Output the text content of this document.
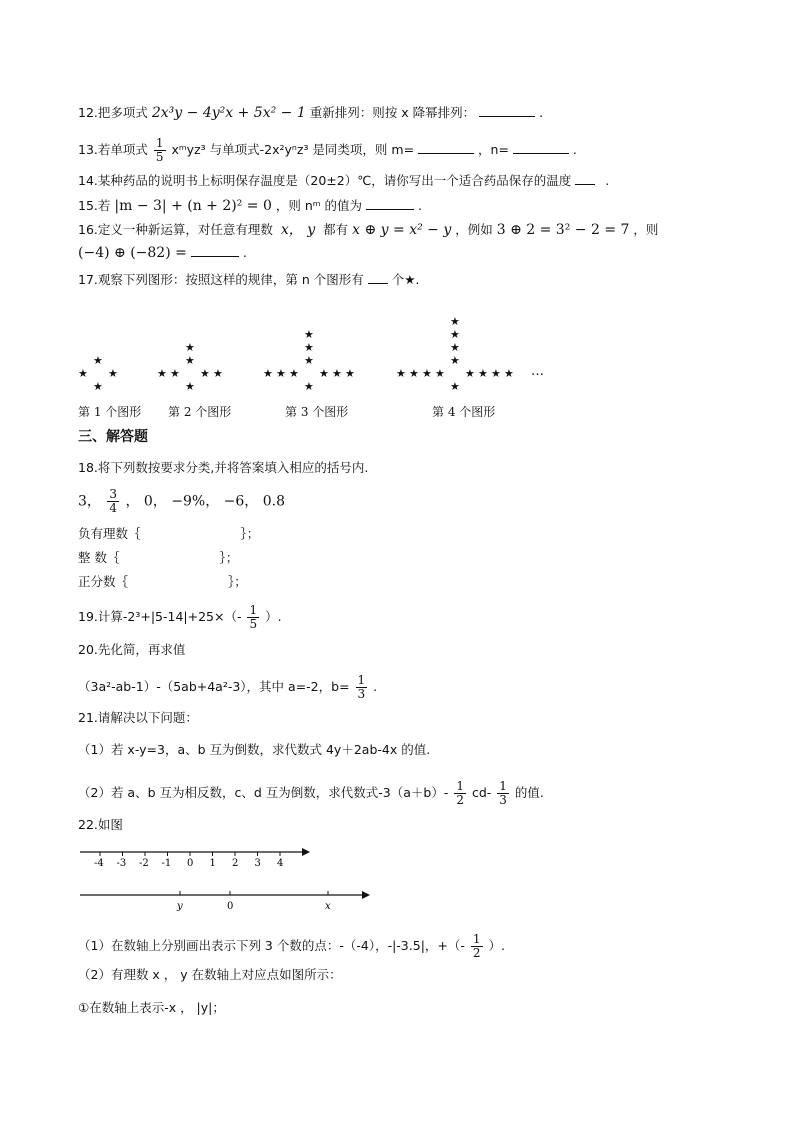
12.把多项式 2x³y − 4y²x + 5x² − 1 重新排列：则按 x 降幂排列：	.
13.若单项式 $\frac{1}{5}$ xᵐyz³ 与单项式-2x²yⁿz³ 是同类项，则 m=	，n=	.
14.某种药品的说明书上标明保存温度是（20±2）℃，请你写出一个适合药品保存的温度	.
15.若 |m − 3| + (n + 2)² = 0 ，则 nᵐ 的值为	.
16.定义一种新运算，对任意有理数 x， y 都有 x ⊕ y = x² − y ，例如 3 ⊕ 2 = 3² − 2 = 7 ，则
(−4) ⊕ (−82) =	.
17.观察下列图形：按照这样的规律，第 n 个图形有 个★.
★ ★
★
★
★ ★
★	★
★
★
★
★ ★
★	★
★	★
★
★
★
★
★ ★
★	★
★	★
★	★
★
★
★
★
★
…
第 1 个图形 第 2 个图形	第 3 个图形	第 4 个图形
三、解答题
18.将下列数按要求分类,并将答案填入相应的括号内.
3， $\frac{3}{4}$ ， 0， −9%， −6， 0.8
负有理数｛	｝；
整 数｛	｝；
正分数｛	｝；
19.计算$-2^3+|5-14|+25\times(- \frac{1}{5}$ ）.
20.先化简，再求值
（3a²-ab-1）-（5ab+4a²-3），其中 a=-2，$b= \frac{1}{3}$ .
21.请解决以下问题：
（1）若 x-y=3，a、b 互为倒数，求代数式 4y＋2ab-4x 的值.
（2）若 a、b 互为相反数，c、d 互为倒数，求代数式$-3(a+b)- \frac{1}{2} cd- \frac{1}{3}$ 的值.
22.如图
-4 -3 -2 -1 0 1 2 3 4
y	0	x
（1）在数轴上分别画出表示下列 3 个数的点：-（-4），-|-3.5|，+（- $\frac{1}{2}$ ）.
（2）有理数 x ， y 在数轴上对应点如图所示：
①在数轴上表示-x ， |y|；
